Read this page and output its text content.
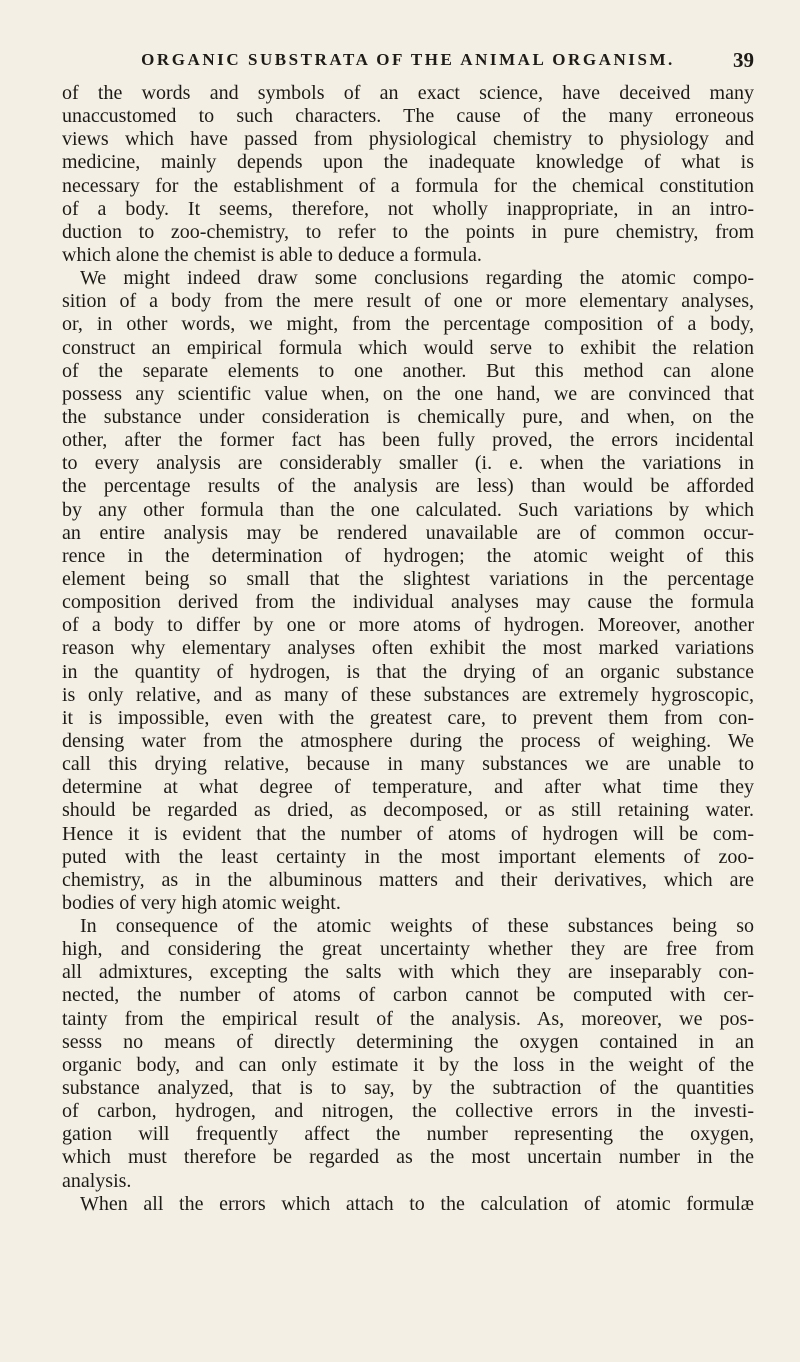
ORGANIC SUBSTRATA OF THE ANIMAL ORGANISM.	39
of the words and symbols of an exact science, have deceived many
unaccustomed to such characters. The cause of the many erroneous
views which have passed from physiological chemistry to physiology and
medicine, mainly depends upon the inadequate knowledge of what is
necessary for the establishment of a formula for the chemical constitution
of a body. It seems, therefore, not wholly inappropriate, in an intro-
duction to zoo-chemistry, to refer to the points in pure chemistry, from
which alone the chemist is able to deduce a formula.
We might indeed draw some conclusions regarding the atomic compo-
sition of a body from the mere result of one or more elementary analyses,
or, in other words, we might, from the percentage composition of a body,
construct an empirical formula which would serve to exhibit the relation
of the separate elements to one another. But this method can alone
possess any scientific value when, on the one hand, we are convinced that
the substance under consideration is chemically pure, and when, on the
other, after the former fact has been fully proved, the errors incidental
to every analysis are considerably smaller (i. e. when the variations in
the percentage results of the analysis are less) than would be afforded
by any other formula than the one calculated. Such variations by which
an entire analysis may be rendered unavailable are of common occur-
rence in the determination of hydrogen; the atomic weight of this
element being so small that the slightest variations in the percentage
composition derived from the individual analyses may cause the formula
of a body to differ by one or more atoms of hydrogen. Moreover, another
reason why elementary analyses often exhibit the most marked variations
in the quantity of hydrogen, is that the drying of an organic substance
is only relative, and as many of these substances are extremely hygroscopic,
it is impossible, even with the greatest care, to prevent them from con-
densing water from the atmosphere during the process of weighing. We
call this drying relative, because in many substances we are unable to
determine at what degree of temperature, and after what time they
should be regarded as dried, as decomposed, or as still retaining water.
Hence it is evident that the number of atoms of hydrogen will be com-
puted with the least certainty in the most important elements of zoo-
chemistry, as in the albuminous matters and their derivatives, which are
bodies of very high atomic weight.
In consequence of the atomic weights of these substances being so
high, and considering the great uncertainty whether they are free from
all admixtures, excepting the salts with which they are inseparably con-
nected, the number of atoms of carbon cannot be computed with cer-
tainty from the empirical result of the analysis. As, moreover, we pos-
sesss no means of directly determining the oxygen contained in an
organic body, and can only estimate it by the loss in the weight of the
substance analyzed, that is to say, by the subtraction of the quantities
of carbon, hydrogen, and nitrogen, the collective errors in the investi-
gation will frequently affect the number representing the oxygen,
which must therefore be regarded as the most uncertain number in the
analysis.
When all the errors which attach to the calculation of atomic formulæ
